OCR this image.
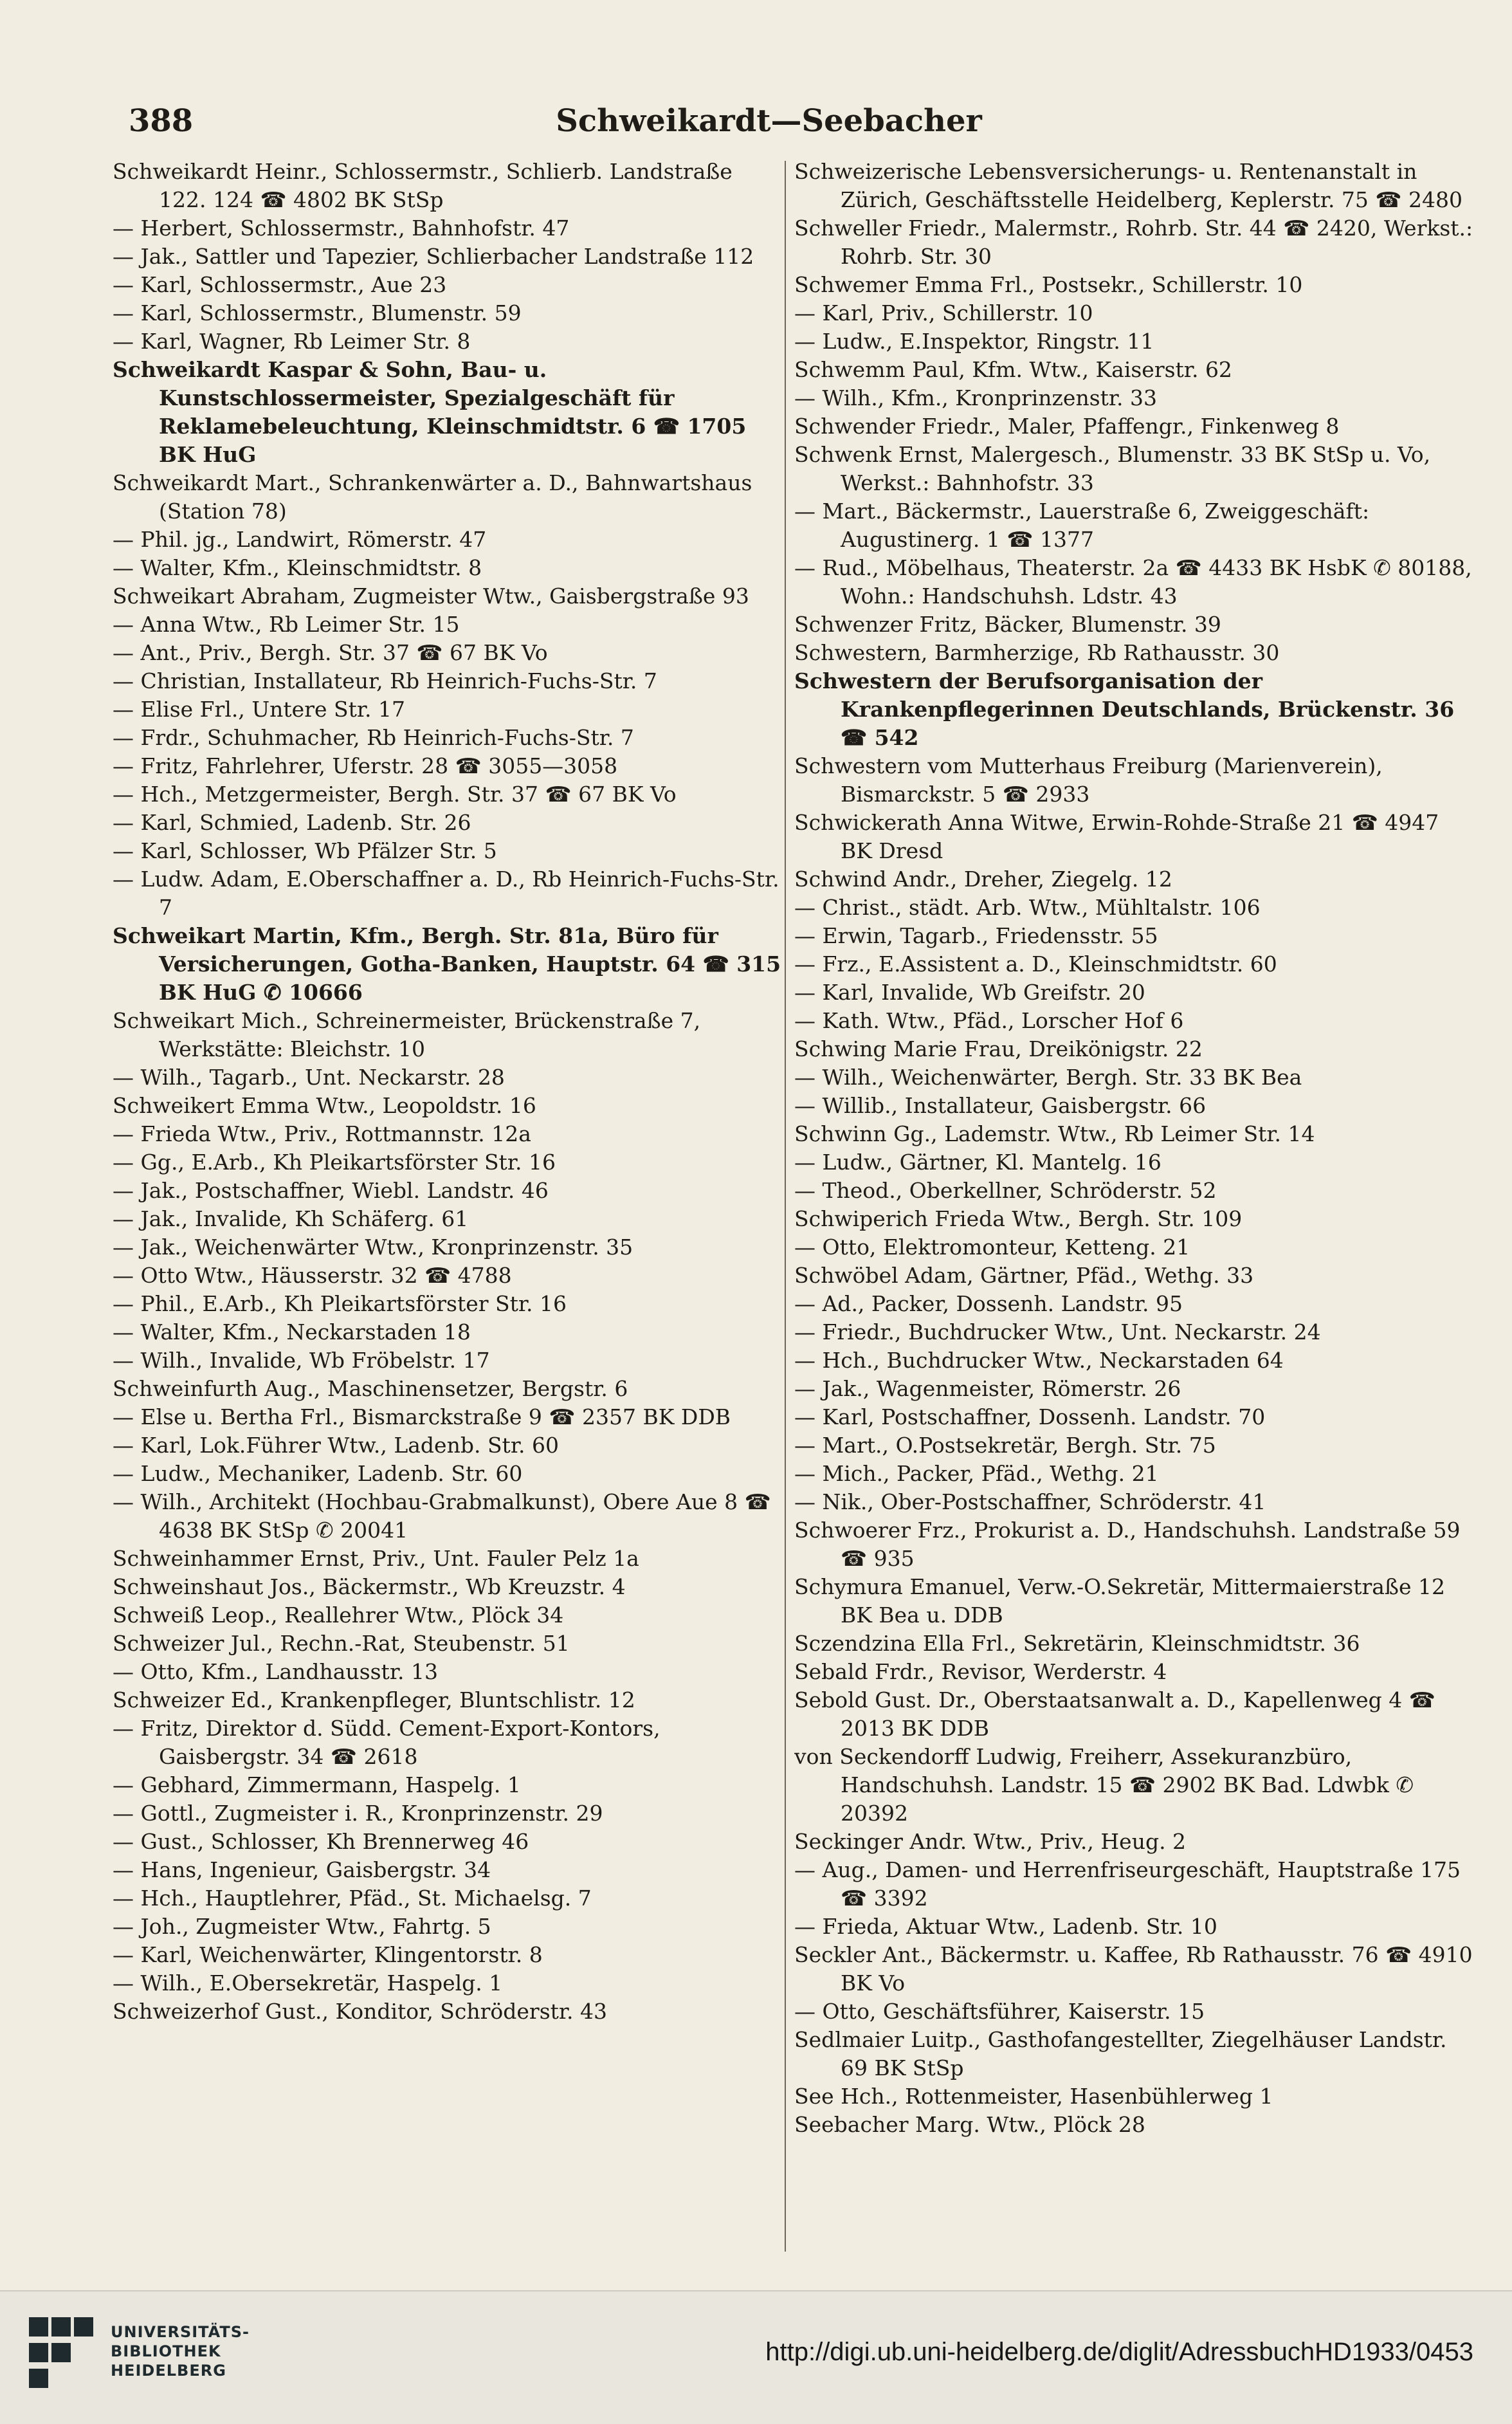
388	Schweikardt—Seebacher
Schweikardt Heinr., Schlossermstr., Schlierb. Landstraße 122. 124 ☎ 4802 BK StSp
— Herbert, Schlossermstr., Bahnhofstr. 47
— Jak., Sattler und Tapezier, Schlierbacher Landstraße 112
— Karl, Schlossermstr., Aue 23
— Karl, Schlossermstr., Blumenstr. 59
— Karl, Wagner, Rb Leimer Str. 8
Schweikardt Kaspar & Sohn, Bau- u. Kunstschlossermeister, Spezialgeschäft für Reklamebeleuchtung, Kleinschmidtstr. 6 ☎ 1705 BK HuG
Schweikardt Mart., Schrankenwärter a. D., Bahnwartshaus (Station 78)
— Phil. jg., Landwirt, Römerstr. 47
— Walter, Kfm., Kleinschmidtstr. 8
Schweikart Abraham, Zugmeister Wtw., Gaisbergstraße 93
— Anna Wtw., Rb Leimer Str. 15
— Ant., Priv., Bergh. Str. 37 ☎ 67 BK Vo
— Christian, Installateur, Rb Heinrich-Fuchs-Str. 7
— Elise Frl., Untere Str. 17
— Frdr., Schuhmacher, Rb Heinrich-Fuchs-Str. 7
— Fritz, Fahrlehrer, Uferstr. 28 ☎ 3055—3058
— Hch., Metzgermeister, Bergh. Str. 37 ☎ 67 BK Vo
— Karl, Schmied, Ladenb. Str. 26
— Karl, Schlosser, Wb Pfälzer Str. 5
— Ludw. Adam, E.Oberschaffner a. D., Rb Heinrich-Fuchs-Str. 7
Schweikart Martin, Kfm., Bergh. Str. 81a, Büro für Versicherungen, Gotha-Banken, Hauptstr. 64 ☎ 315 BK HuG ✆ 10666
Schweikart Mich., Schreinermeister, Brückenstraße 7, Werkstätte: Bleichstr. 10
— Wilh., Tagarb., Unt. Neckarstr. 28
Schweikert Emma Wtw., Leopoldstr. 16
— Frieda Wtw., Priv., Rottmannstr. 12a
— Gg., E.Arb., Kh Pleikartsförster Str. 16
— Jak., Postschaffner, Wiebl. Landstr. 46
— Jak., Invalide, Kh Schäferg. 61
— Jak., Weichenwärter Wtw., Kronprinzenstr. 35
— Otto Wtw., Häusserstr. 32 ☎ 4788
— Phil., E.Arb., Kh Pleikartsförster Str. 16
— Walter, Kfm., Neckarstaden 18
— Wilh., Invalide, Wb Fröbelstr. 17
Schweinfurth Aug., Maschinensetzer, Bergstr. 6
— Else u. Bertha Frl., Bismarckstraße 9 ☎ 2357 BK DDB
— Karl, Lok.Führer Wtw., Ladenb. Str. 60
— Ludw., Mechaniker, Ladenb. Str. 60
— Wilh., Architekt (Hochbau-Grabmalkunst), Obere Aue 8 ☎ 4638 BK StSp ✆ 20041
Schweinhammer Ernst, Priv., Unt. Fauler Pelz 1a
Schweinshaut Jos., Bäckermstr., Wb Kreuzstr. 4
Schweiß Leop., Reallehrer Wtw., Plöck 34
Schweizer Jul., Rechn.-Rat, Steubenstr. 51
— Otto, Kfm., Landhausstr. 13
Schweizer Ed., Krankenpfleger, Bluntschlistr. 12
— Fritz, Direktor d. Südd. Cement-Export-Kontors, Gaisbergstr. 34 ☎ 2618
— Gebhard, Zimmermann, Haspelg. 1
— Gottl., Zugmeister i. R., Kronprinzenstr. 29
— Gust., Schlosser, Kh Brennerweg 46
— Hans, Ingenieur, Gaisbergstr. 34
— Hch., Hauptlehrer, Pfäd., St. Michaelsg. 7
— Joh., Zugmeister Wtw., Fahrtg. 5
— Karl, Weichenwärter, Klingentorstr. 8
— Wilh., E.Obersekretär, Haspelg. 1
Schweizerhof Gust., Konditor, Schröderstr. 43
Schweizerische Lebensversicherungs- u. Rentenanstalt in Zürich, Geschäftsstelle Heidelberg, Keplerstr. 75 ☎ 2480
Schweller Friedr., Malermstr., Rohrb. Str. 44 ☎ 2420, Werkst.: Rohrb. Str. 30
Schwemer Emma Frl., Postsekr., Schillerstr. 10
— Karl, Priv., Schillerstr. 10
— Ludw., E.Inspektor, Ringstr. 11
Schwemm Paul, Kfm. Wtw., Kaiserstr. 62
— Wilh., Kfm., Kronprinzenstr. 33
Schwender Friedr., Maler, Pfaffengr., Finkenweg 8
Schwenk Ernst, Malergesch., Blumenstr. 33 BK StSp u. Vo, Werkst.: Bahnhofstr. 33
— Mart., Bäckermstr., Lauerstraße 6, Zweiggeschäft: Augustinerg. 1 ☎ 1377
— Rud., Möbelhaus, Theaterstr. 2a ☎ 4433 BK HsbK ✆ 80188, Wohn.: Handschuhsh. Ldstr. 43
Schwenzer Fritz, Bäcker, Blumenstr. 39
Schwestern, Barmherzige, Rb Rathausstr. 30
Schwestern der Berufsorganisation der Krankenpflegerinnen Deutschlands, Brückenstr. 36 ☎ 542
Schwestern vom Mutterhaus Freiburg (Marienverein), Bismarckstr. 5 ☎ 2933
Schwickerath Anna Witwe, Erwin-Rohde-Straße 21 ☎ 4947 BK Dresd
Schwind Andr., Dreher, Ziegelg. 12
— Christ., städt. Arb. Wtw., Mühltalstr. 106
— Erwin, Tagarb., Friedensstr. 55
— Frz., E.Assistent a. D., Kleinschmidtstr. 60
— Karl, Invalide, Wb Greifstr. 20
— Kath. Wtw., Pfäd., Lorscher Hof 6
Schwing Marie Frau, Dreikönigstr. 22
— Wilh., Weichenwärter, Bergh. Str. 33 BK Bea
— Willib., Installateur, Gaisbergstr. 66
Schwinn Gg., Lademstr. Wtw., Rb Leimer Str. 14
— Ludw., Gärtner, Kl. Mantelg. 16
— Theod., Oberkellner, Schröderstr. 52
Schwiperich Frieda Wtw., Bergh. Str. 109
— Otto, Elektromonteur, Ketteng. 21
Schwöbel Adam, Gärtner, Pfäd., Wethg. 33
— Ad., Packer, Dossenh. Landstr. 95
— Friedr., Buchdrucker Wtw., Unt. Neckarstr. 24
— Hch., Buchdrucker Wtw., Neckarstaden 64
— Jak., Wagenmeister, Römerstr. 26
— Karl, Postschaffner, Dossenh. Landstr. 70
— Mart., O.Postsekretär, Bergh. Str. 75
— Mich., Packer, Pfäd., Wethg. 21
— Nik., Ober-Postschaffner, Schröderstr. 41
Schwoerer Frz., Prokurist a. D., Handschuhsh. Landstraße 59 ☎ 935
Schymura Emanuel, Verw.-O.Sekretär, Mittermaierstraße 12 BK Bea u. DDB
Sczendzina Ella Frl., Sekretärin, Kleinschmidtstr. 36
Sebald Frdr., Revisor, Werderstr. 4
Sebold Gust. Dr., Oberstaatsanwalt a. D., Kapellenweg 4 ☎ 2013 BK DDB
von Seckendorff Ludwig, Freiherr, Assekuranzbüro, Handschuhsh. Landstr. 15 ☎ 2902 BK Bad. Ldwbk ✆ 20392
Seckinger Andr. Wtw., Priv., Heug. 2
— Aug., Damen- und Herrenfriseurgeschäft, Hauptstraße 175 ☎ 3392
— Frieda, Aktuar Wtw., Ladenb. Str. 10
Seckler Ant., Bäckermstr. u. Kaffee, Rb Rathausstr. 76 ☎ 4910 BK Vo
— Otto, Geschäftsführer, Kaiserstr. 15
Sedlmaier Luitp., Gasthofangestellter, Ziegelhäuser Landstr. 69 BK StSp
See Hch., Rottenmeister, Hasenbühlerweg 1
Seebacher Marg. Wtw., Plöck 28
UNIVERSITÄTS-
BIBLIOTHEK
HEIDELBERG
http://digi.ub.uni-heidelberg.de/diglit/AdressbuchHD1933/0453
